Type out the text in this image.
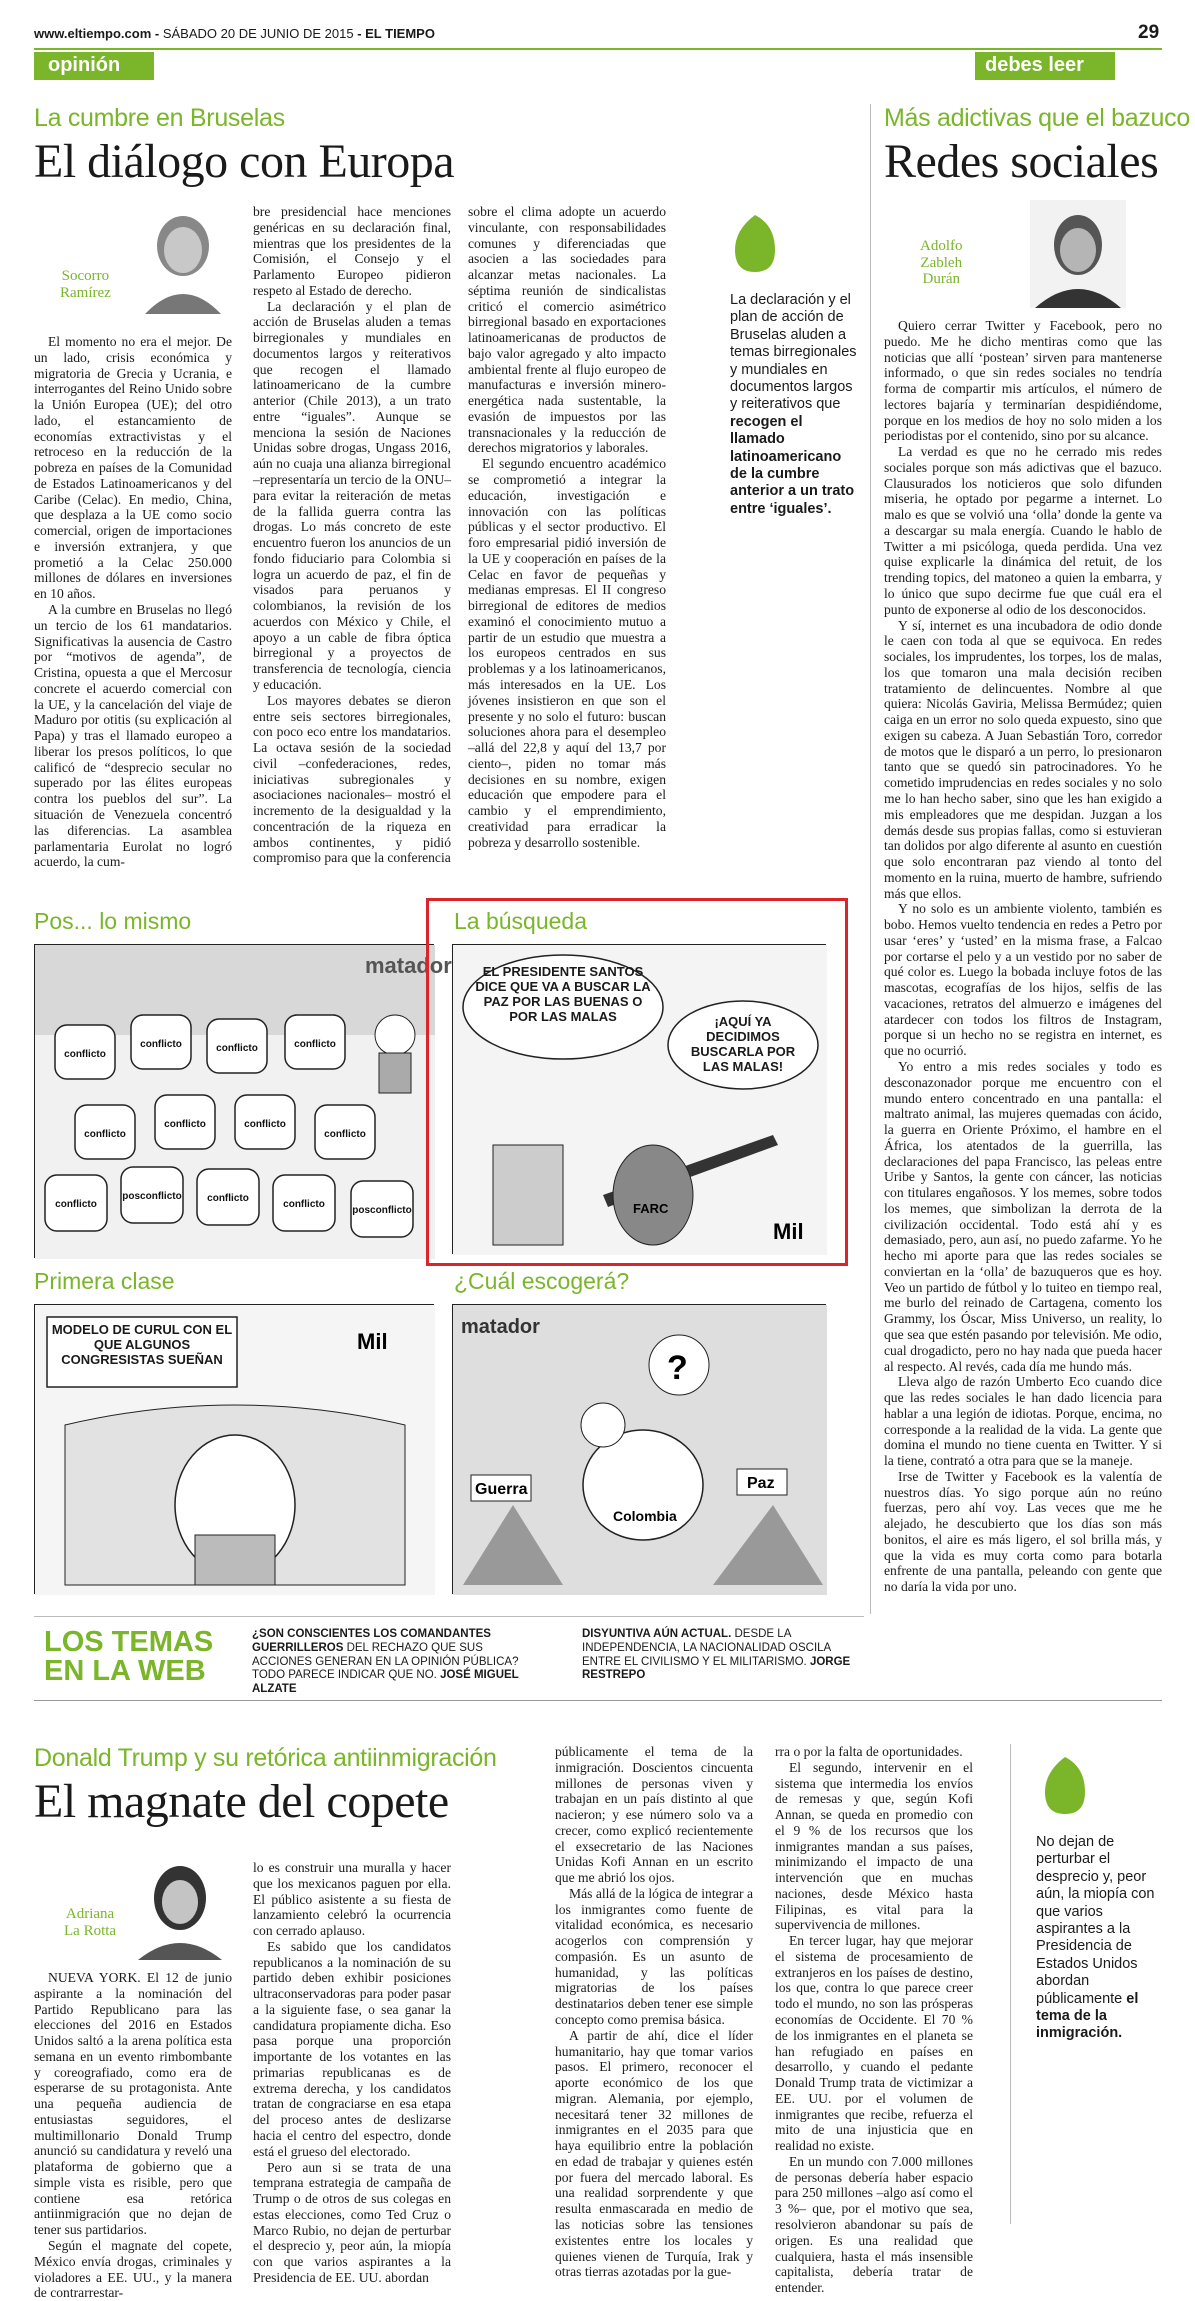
www.eltiempo.com - SÁBADO 20 DE JUNIO DE 2015 - EL TIEMPO	29
opinión	debes leer
La cumbre en Bruselas
El diálogo con Europa
Socorro
Ramírez

El momento no era el mejor. De un lado, crisis económica y migratoria de Grecia y Ucrania, e interrogantes del Reino Unido sobre la Unión Europea (UE); del otro lado, el estancamiento de economías extractivistas y el retroceso en la reducción de la pobreza en países de la Comunidad de Estados Latinoamericanos y del Caribe (Celac). En medio, China, que desplaza a la UE como socio comercial, origen de importaciones e inversión extranjera, y que prometió a la Celac 250.000 millones de dólares en inversiones en 10 años.

A la cumbre en Bruselas no llegó un tercio de los 61 mandatarios. Significativas la ausencia de Castro por “motivos de agenda”, de Cristina, opuesta a que el Mercosur concrete el acuerdo comercial con la UE, y la cancelación del viaje de Maduro por otitis (su explicación al Papa) y tras el llamado europeo a liberar los presos políticos, lo que calificó de “desprecio secular no superado por las élites europeas contra los pueblos del sur”. La situación de Venezuela concentró las diferencias. La asamblea parlamentaria Eurolat no logró acuerdo, la cum-

bre presidencial hace menciones genéricas en su declaración final, mientras que los presidentes de la Comisión, el Consejo y el Parlamento Europeo pidieron respeto al Estado de derecho.

La declaración y el plan de acción de Bruselas aluden a temas birregionales y mundiales en documentos largos y reiterativos que recogen el llamado latinoamericano de la cumbre anterior (Chile 2013), a un trato entre “iguales”. Aunque se menciona la sesión de Naciones Unidas sobre drogas, Ungass 2016, aún no cuaja una alianza birregional –representaría un tercio de la ONU– para evitar la reiteración de metas de la fallida guerra contra las drogas. Lo más concreto de este encuentro fueron los anuncios de un fondo fiduciario para Colombia si logra un acuerdo de paz, el fin de visados para peruanos y colombianos, la revisión de los acuerdos con México y Chile, el apoyo a un cable de fibra óptica birregional y a proyectos de transferencia de tecnología, ciencia y educación.

Los mayores debates se dieron entre seis sectores birregionales, con poco eco entre los mandatarios. La octava sesión de la sociedad civil –confederaciones, redes, iniciativas subregionales y asociaciones nacionales– mostró el incremento de la desigualdad y la concentración de la riqueza en ambos continentes, y pidió compromiso para que la conferencia

sobre el clima adopte un acuerdo vinculante, con responsabilidades comunes y diferenciadas que asocien a las sociedades para alcanzar metas nacionales. La séptima reunión de sindicalistas criticó el comercio asimétrico birregional basado en exportaciones latinoamericanas de productos de bajo valor agregado y alto impacto ambiental frente al flujo europeo de manufacturas e inversión minero-energética nada sustentable, la evasión de impuestos por las transnacionales y la reducción de derechos migratorios y laborales.

El segundo encuentro académico se comprometió a integrar la educación, investigación e innovación con las políticas públicas y el sector productivo. El foro empresarial pidió inversión de la UE y cooperación en países de la Celac en favor de pequeñas y medianas empresas. El II congreso birregional de editores de medios examinó el conocimiento mutuo a partir de un estudio que muestra a los europeos centrados en sus problemas y a los latinoamericanos, más interesados en la UE. Los jóvenes insistieron en que son el presente y no solo el futuro: buscan soluciones ahora para el desempleo –allá del 22,8 y aquí del 13,7 por ciento–, piden no tomar más decisiones en su nombre, exigen educación que empodere para el cambio y el emprendimiento, creatividad para erradicar la pobreza y desarrollo sostenible.

La declaración y el plan de acción de Bruselas aluden a temas birregionales y mundiales en documentos largos y reiterativos que recogen el llamado latinoamericano de la cumbre anterior a un trato entre ‘iguales’.
Más adictivas que el bazuco
Redes sociales
Adolfo
Zableh
Durán

Quiero cerrar Twitter y Facebook, pero no puedo. Me he dicho mentiras como que las noticias que allí ‘postean’ sirven para mantenerse informado, o que sin redes sociales no tendría forma de compartir mis artículos, el número de lectores bajaría y terminarían despidiéndome, porque en los medios de hoy no solo miden a los periodistas por el contenido, sino por su alcance.

La verdad es que no he cerrado mis redes sociales porque son más adictivas que el bazuco. Clausurados los noticieros que solo difunden miseria, he optado por pegarme a internet. Lo malo es que se volvió una ‘olla’ donde la gente va a descargar su mala energía. Cuando le hablo de Twitter a mi psicóloga, queda perdida. Una vez quise explicarle la dinámica del retuit, de los trending topics, del matoneo a quien la embarra, y lo único que supo decirme fue que cuál era el punto de exponerse al odio de los desconocidos.

Y sí, internet es una incubadora de odio donde le caen con toda al que se equivoca. En redes sociales, los imprudentes, los torpes, los de malas, los que tomaron una mala decisión reciben tratamiento de delincuentes. Nombre al que quiera: Nicolás Gaviria, Melissa Bermúdez; quien caiga en un error no solo queda expuesto, sino que exigen su cabeza. A Juan Sebastián Toro, corredor de motos que le disparó a un perro, lo presionaron tanto que se quedó sin patrocinadores. Yo he cometido imprudencias en redes sociales y no solo me lo han hecho saber, sino que les han exigido a mis empleadores que me despidan. Juzgan a los demás desde sus propias fallas, como si estuvieran tan dolidos por algo diferente al asunto en cuestión que solo encontraran paz viendo al tonto del momento en la ruina, muerto de hambre, sufriendo más que ellos.

Y no solo es un ambiente violento, también es bobo. Hemos vuelto tendencia en redes a Petro por usar ‘eres’ y ‘usted’ en la misma frase, a Falcao por cortarse el pelo y a un vestido por no saber de qué color es. Luego la bobada incluye fotos de las mascotas, ecografías de los hijos, selfis de las vacaciones, retratos del almuerzo e imágenes del atardecer con todos los filtros de Instagram, porque si un hecho no se registra en internet, es que no ocurrió.

Yo entro a mis redes sociales y todo es desconazonador porque me encuentro con el mundo entero concentrado en una pantalla: el maltrato animal, las mujeres quemadas con ácido, la guerra en Oriente Próximo, el hambre en el África, los atentados de la guerrilla, las declaraciones del papa Francisco, las peleas entre Uribe y Santos, la gente con cáncer, las noticias con titulares engañosos. Y los memes, sobre todos los memes, que simbolizan la derrota de la civilización occidental. Todo está ahí y es demasiado, pero, aun así, no puedo zafarme. Yo he hecho mi aporte para que las redes sociales se conviertan en la ‘olla’ de bazuqueros que es hoy. Veo un partido de fútbol y lo tuiteo en tiempo real, me burlo del reinado de Cartagena, comento los Grammy, los Óscar, Miss Universo, un reality, lo que sea que estén pasando por televisión. Me odio, cual drogadicto, pero no hay nada que pueda hacer al respecto. Al revés, cada día me hundo más.

Lleva algo de razón Umberto Eco cuando dice que las redes sociales le han dado licencia para hablar a una legión de idiotas. Porque, encima, no corresponde a la realidad de la vida. La gente que domina el mundo no tiene cuenta en Twitter. Y si la tiene, contrató a otra para que se la maneje.

Irse de Twitter y Facebook es la valentía de nuestros días. Yo sigo porque aún no reúno fuerzas, pero ahí voy. Las veces que me he alejado, he descubierto que los días son más bonitos, el aire es más ligero, el sol brilla más, y que la vida es muy corta como para botarla enfrente de una pantalla, peleando con gente que no daría la vida por uno.

Pos... lo mismo
matador
conflicto
conflicto	conflicto	conflicto
conflicto
conflicto	conflicto
conflicto
conflicto
posconflicto	conflicto
conflicto
posconflicto
La búsqueda
EL PRESIDENTE SANTOS DICE QUE VA A BUSCAR LA PAZ POR LAS BUENAS O POR LAS MALAS	¡AQUÍ YA DECIDIMOS BUSCARLA POR LAS MALAS!
FARC
Mil
Primera clase
MODELO DE CURUL CON EL QUE ALGUNOS CONGRESISTAS SUEÑAN
Mil
¿Cuál escogerá?
matador
?
Guerra	Paz
Colombia
LOS TEMAS
EN LA WEB
¿SON CONSCIENTES LOS COMANDANTES GUERRILLEROS DEL RECHAZO QUE SUS ACCIONES GENERAN EN LA OPINIÓN PÚBLICA? TODO PARECE INDICAR QUE NO. JOSÉ MIGUEL ALZATE
DISYUNTIVA AÚN ACTUAL. DESDE LA INDEPENDENCIA, LA NACIONALIDAD OSCILA ENTRE EL CIVILISMO Y EL MILITARISMO. JORGE RESTREPO
Donald Trump y su retórica antiinmigración
El magnate del copete
Adriana
La Rotta

NUEVA YORK. El 12 de junio aspirante a la nominación del Partido Republicano para las elecciones del 2016 en Estados Unidos saltó a la arena política esta semana en un evento rimbombante y coreografiado, como era de esperarse de su protagonista. Ante una pequeña audiencia de entusiastas seguidores, el multimillonario Donald Trump anunció su candidatura y reveló una plataforma de gobierno que a simple vista es risible, pero que contiene esa retórica antiinmigración que no dejan de tener sus partidarios.

Según el magnate del copete, México envía drogas, criminales y violadores a EE. UU., y la manera de contrarrestar-

lo es construir una muralla y hacer que los mexicanos paguen por ella. El público asistente a su fiesta de lanzamiento celebró la ocurrencia con cerrado aplauso.

Es sabido que los candidatos republicanos a la nominación de su partido deben exhibir posiciones ultraconservadoras para poder pasar a la siguiente fase, o sea ganar la candidatura propiamente dicha. Eso pasa porque una proporción importante de los votantes en las primarias republicanas es de extrema derecha, y los candidatos tratan de congraciarse en esa etapa del proceso antes de deslizarse hacia el centro del espectro, donde está el grueso del electorado.

Pero aun si se trata de una temprana estrategia de campaña de Trump o de otros de sus colegas en estas elecciones, como Ted Cruz o Marco Rubio, no dejan de perturbar el desprecio y, peor aún, la miopía con que varios aspirantes a la Presidencia de EE. UU. abordan

públicamente el tema de la inmigración. Doscientos cincuenta millones de personas viven y trabajan en un país distinto al que nacieron; y ese número solo va a crecer, como explicó recientemente el exsecretario de las Naciones Unidas Kofi Annan en un escrito que me abrió los ojos.

Más allá de la lógica de integrar a los inmigrantes como fuente de vitalidad económica, es necesario acogerlos con comprensión y compasión. Es un asunto de humanidad, y las políticas migratorias de los países destinatarios deben tener ese simple concepto como premisa básica.

A partir de ahí, dice el líder humanitario, hay que tomar varios pasos. El primero, reconocer el aporte económico de los que migran. Alemania, por ejemplo, necesitará tener 32 millones de inmigrantes en el 2035 para que haya equilibrio entre la población en edad de trabajar y quienes estén por fuera del mercado laboral. Es una realidad sorprendente y que resulta enmascarada en medio de las noticias sobre las tensiones existentes entre los locales y quienes vienen de Turquía, Irak y otras tierras azotadas por la gue-

rra o por la falta de oportunidades.

El segundo, intervenir en el sistema que intermedia los envíos de remesas y que, según Kofi Annan, se queda en promedio con el 9 % de los recursos que los inmigrantes mandan a sus países, minimizando el impacto de una intervención que en muchas naciones, desde México hasta Filipinas, es vital para la supervivencia de millones.

En tercer lugar, hay que mejorar el sistema de procesamiento de extranjeros en los países de destino, los que, contra lo que parece creer todo el mundo, no son las prósperas economías de Occidente. El 70 % de los inmigrantes en el planeta se han refugiado en países en desarrollo, y cuando el pedante Donald Trump trata de victimizar a EE. UU. por el volumen de inmigrantes que recibe, refuerza el mito de una injusticia que en realidad no existe.

En un mundo con 7.000 millones de personas debería haber espacio para 250 millones –algo así como el 3 %– que, por el motivo que sea, resolvieron abandonar su país de origen. Es una realidad que cualquiera, hasta el más insensible capitalista, debería tratar de entender.

No dejan de perturbar el desprecio y, peor aún, la miopía con que varios aspirantes a la Presidencia de Estados Unidos abordan públicamente el tema de la inmigración.
